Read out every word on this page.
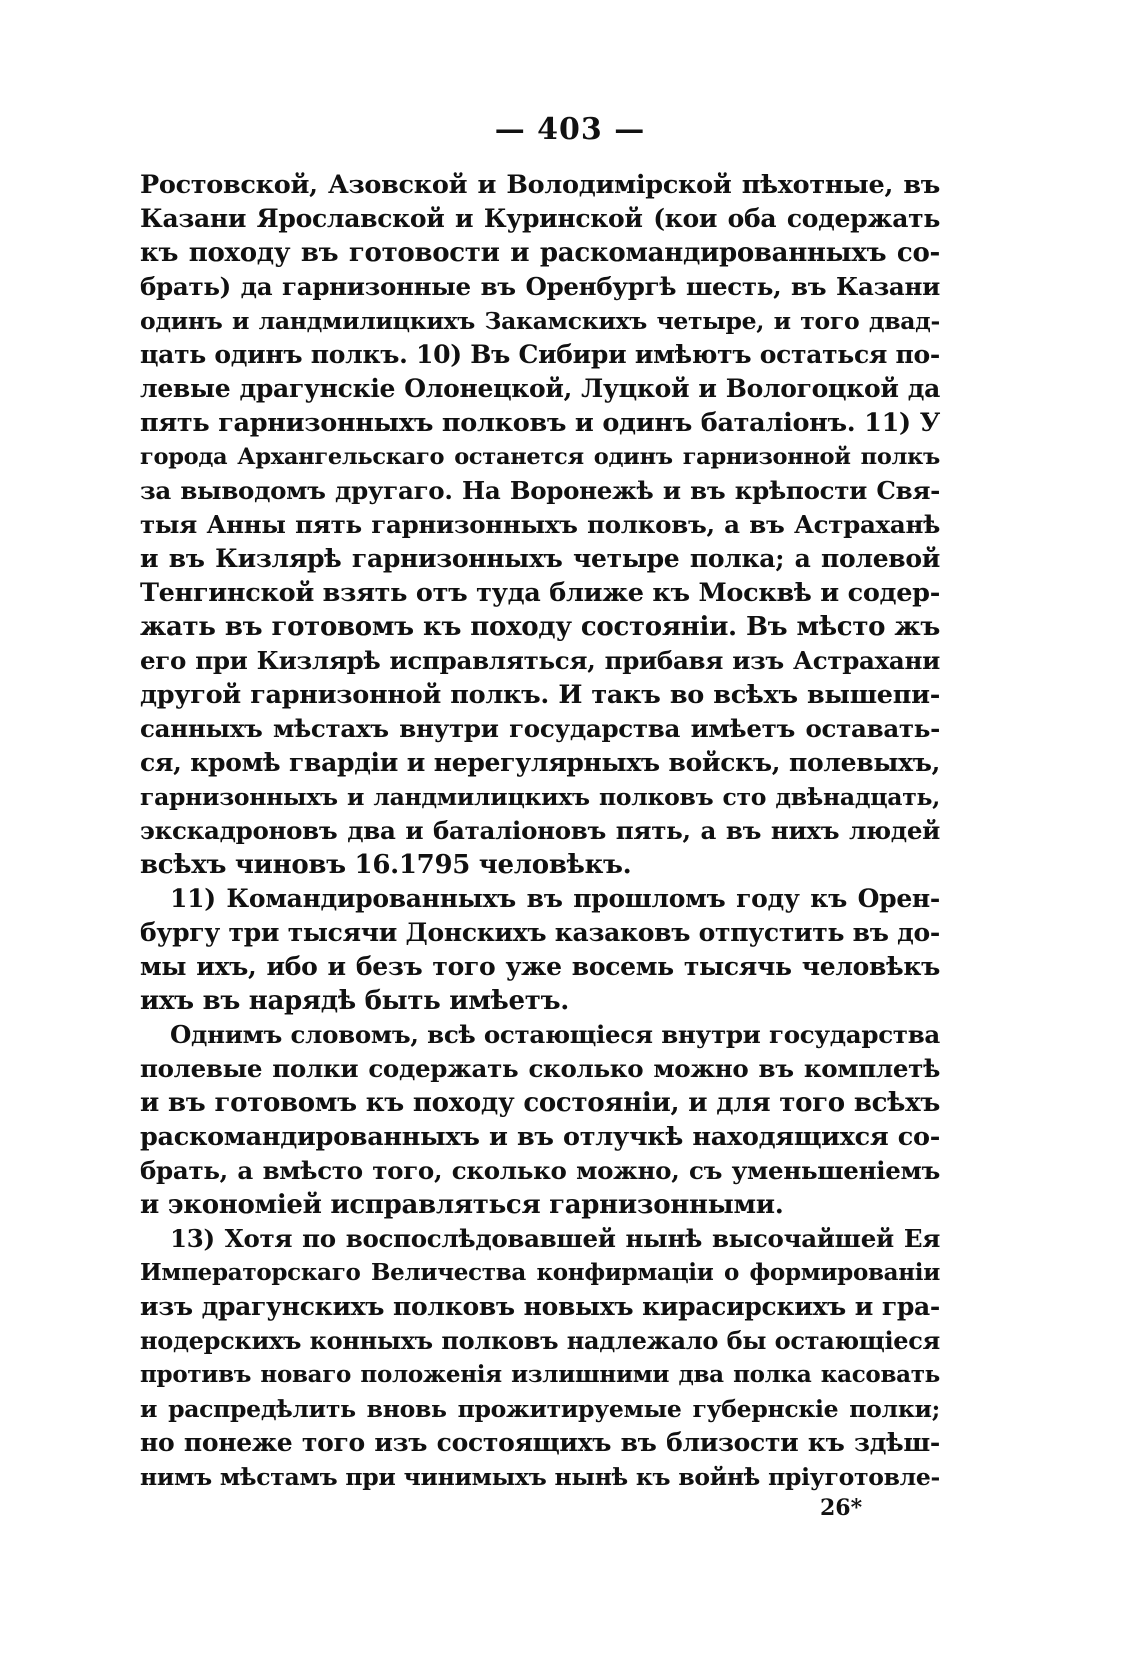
— 403 —
Ростовской, Азовской и Володимірской пѣхотные, въ
Казани Ярославской и Куринской (кои оба содержать
къ походу въ готовости и раскомандированныхъ со-
брать) да гарнизонные въ Оренбургѣ шесть, въ Казани
одинъ и ландмилицкихъ Закамскихъ четыре, и того двад-
цать одинъ полкъ. 10) Въ Сибири имѣютъ остаться по-
левые драгунскіе Олонецкой, Луцкой и Вологоцкой да
пять гарнизонныхъ полковъ и одинъ баталіонъ. 11) У
города Архангельскаго останется одинъ гарнизонной полкъ
за выводомъ другаго. На Воронежѣ и въ крѣпости Свя-
тыя Анны пять гарнизонныхъ полковъ, а въ Астраханѣ
и въ Кизлярѣ гарнизонныхъ четыре полка; а полевой
Тенгинской взять отъ туда ближе къ Москвѣ и содер-
жать въ готовомъ къ походу состояніи. Въ мѣсто жъ
его при Кизлярѣ исправляться, прибавя изъ Астрахани
другой гарнизонной полкъ. И такъ во всѣхъ вышепи-
санныхъ мѣстахъ внутри государства имѣетъ оставать-
ся, кромѣ гвардіи и нерегулярныхъ войскъ, полевыхъ,
гарнизонныхъ и ландмилицкихъ полковъ сто двѣнадцать,
экскадроновъ два и баталіоновъ пять, а въ нихъ людей
всѣхъ чиновъ 16.1795 человѣкъ.
11) Командированныхъ въ прошломъ году къ Орен-
бургу три тысячи Донскихъ казаковъ отпустить въ до-
мы ихъ, ибо и безъ того уже восемь тысячь человѣкъ
ихъ въ нарядѣ быть имѣетъ.
Однимъ словомъ, всѣ остающіеся внутри государства
полевые полки содержать сколько можно въ комплетѣ
и въ готовомъ къ походу состояніи, и для того всѣхъ
раскомандированныхъ и въ отлучкѣ находящихся со-
брать, а вмѣсто того, сколько можно, съ уменьшеніемъ
и экономіей исправляться гарнизонными.
13) Хотя по воспослѣдовавшей нынѣ высочайшей Ея
Императорскаго Величества конфирмаціи о формированіи
изъ драгунскихъ полковъ новыхъ кирасирскихъ и гра-
нодерскихъ конныхъ полковъ надлежало бы остающіеся
противъ новаго положенія излишними два полка касовать
и распредѣлить вновь прожитируемые губернскіе полки;
но понеже того изъ состоящихъ въ близости къ здѣш-
нимъ мѣстамъ при чинимыхъ нынѣ къ войнѣ пріуготовле-
26*
